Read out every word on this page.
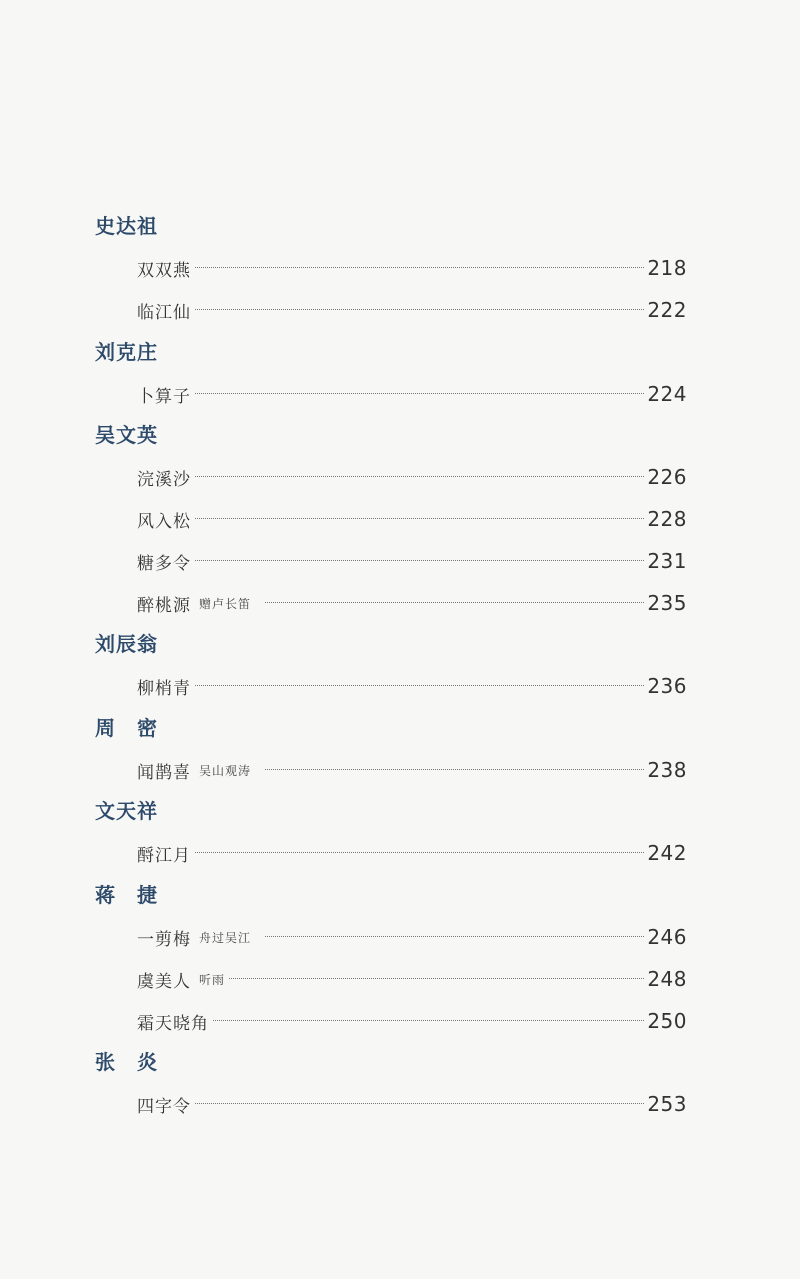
史达祖
双双燕	218
临江仙	222
刘克庄
卜算子	224
吴文英
浣溪沙	226
风入松	228
糖多令	231
醉桃源 赠卢长笛	235
刘辰翁
柳梢青	236
周　密
闻鹊喜 吴山观涛	238
文天祥
酹江月	242
蒋　捷
一剪梅 舟过吴江	246
虞美人 听雨	248
霜天晓角	250
张　炎
四字令	253
